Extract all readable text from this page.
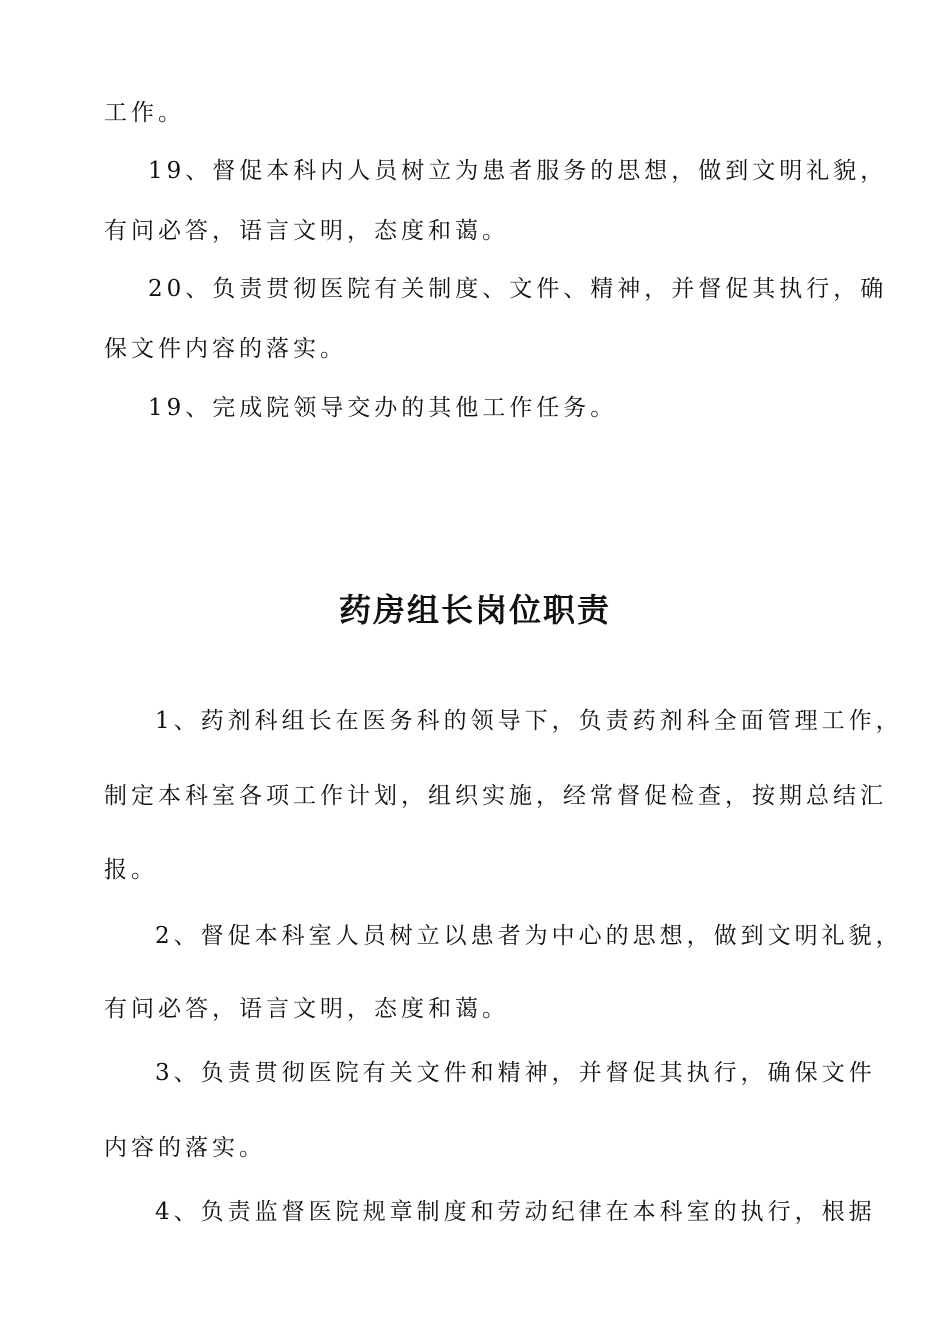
工作。
19、督促本科内人员树立为患者服务的思想，做到文明礼貌，
有问必答，语言文明，态度和蔼。
20、负责贯彻医院有关制度、文件、精神，并督促其执行，确
保文件内容的落实。
19、完成院领导交办的其他工作任务。
药房组长岗位职责
1、药剂科组长在医务科的领导下，负责药剂科全面管理工作，
制定本科室各项工作计划，组织实施，经常督促检查，按期总结汇
报。
2、督促本科室人员树立以患者为中心的思想，做到文明礼貌，
有问必答，语言文明，态度和蔼。
3、负责贯彻医院有关文件和精神，并督促其执行，确保文件
内容的落实。
4、负责监督医院规章制度和劳动纪律在本科室的执行，根据
